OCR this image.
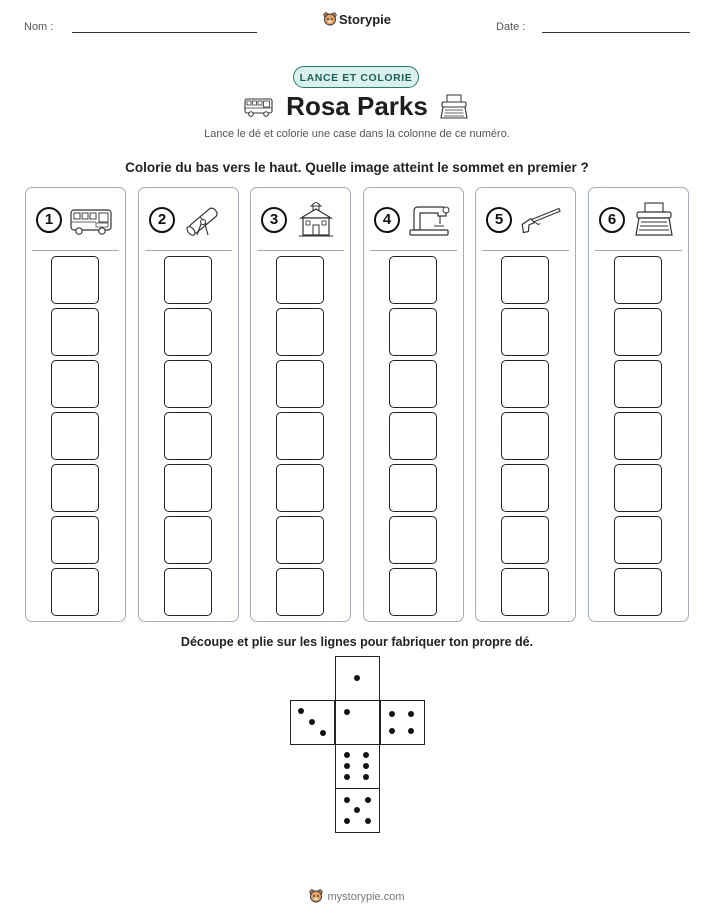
Nom :	Storypie	Date :
LANCE ET COLORIE
Rosa Parks
Lance le dé et colorie une case dans la colonne de ce numéro.
Colorie du bas vers le haut. Quelle image atteint le sommet en premier ?
1	2	3	4	5	6
Découpe et plie sur les lignes pour fabriquer ton propre dé.
mystorypie.com
